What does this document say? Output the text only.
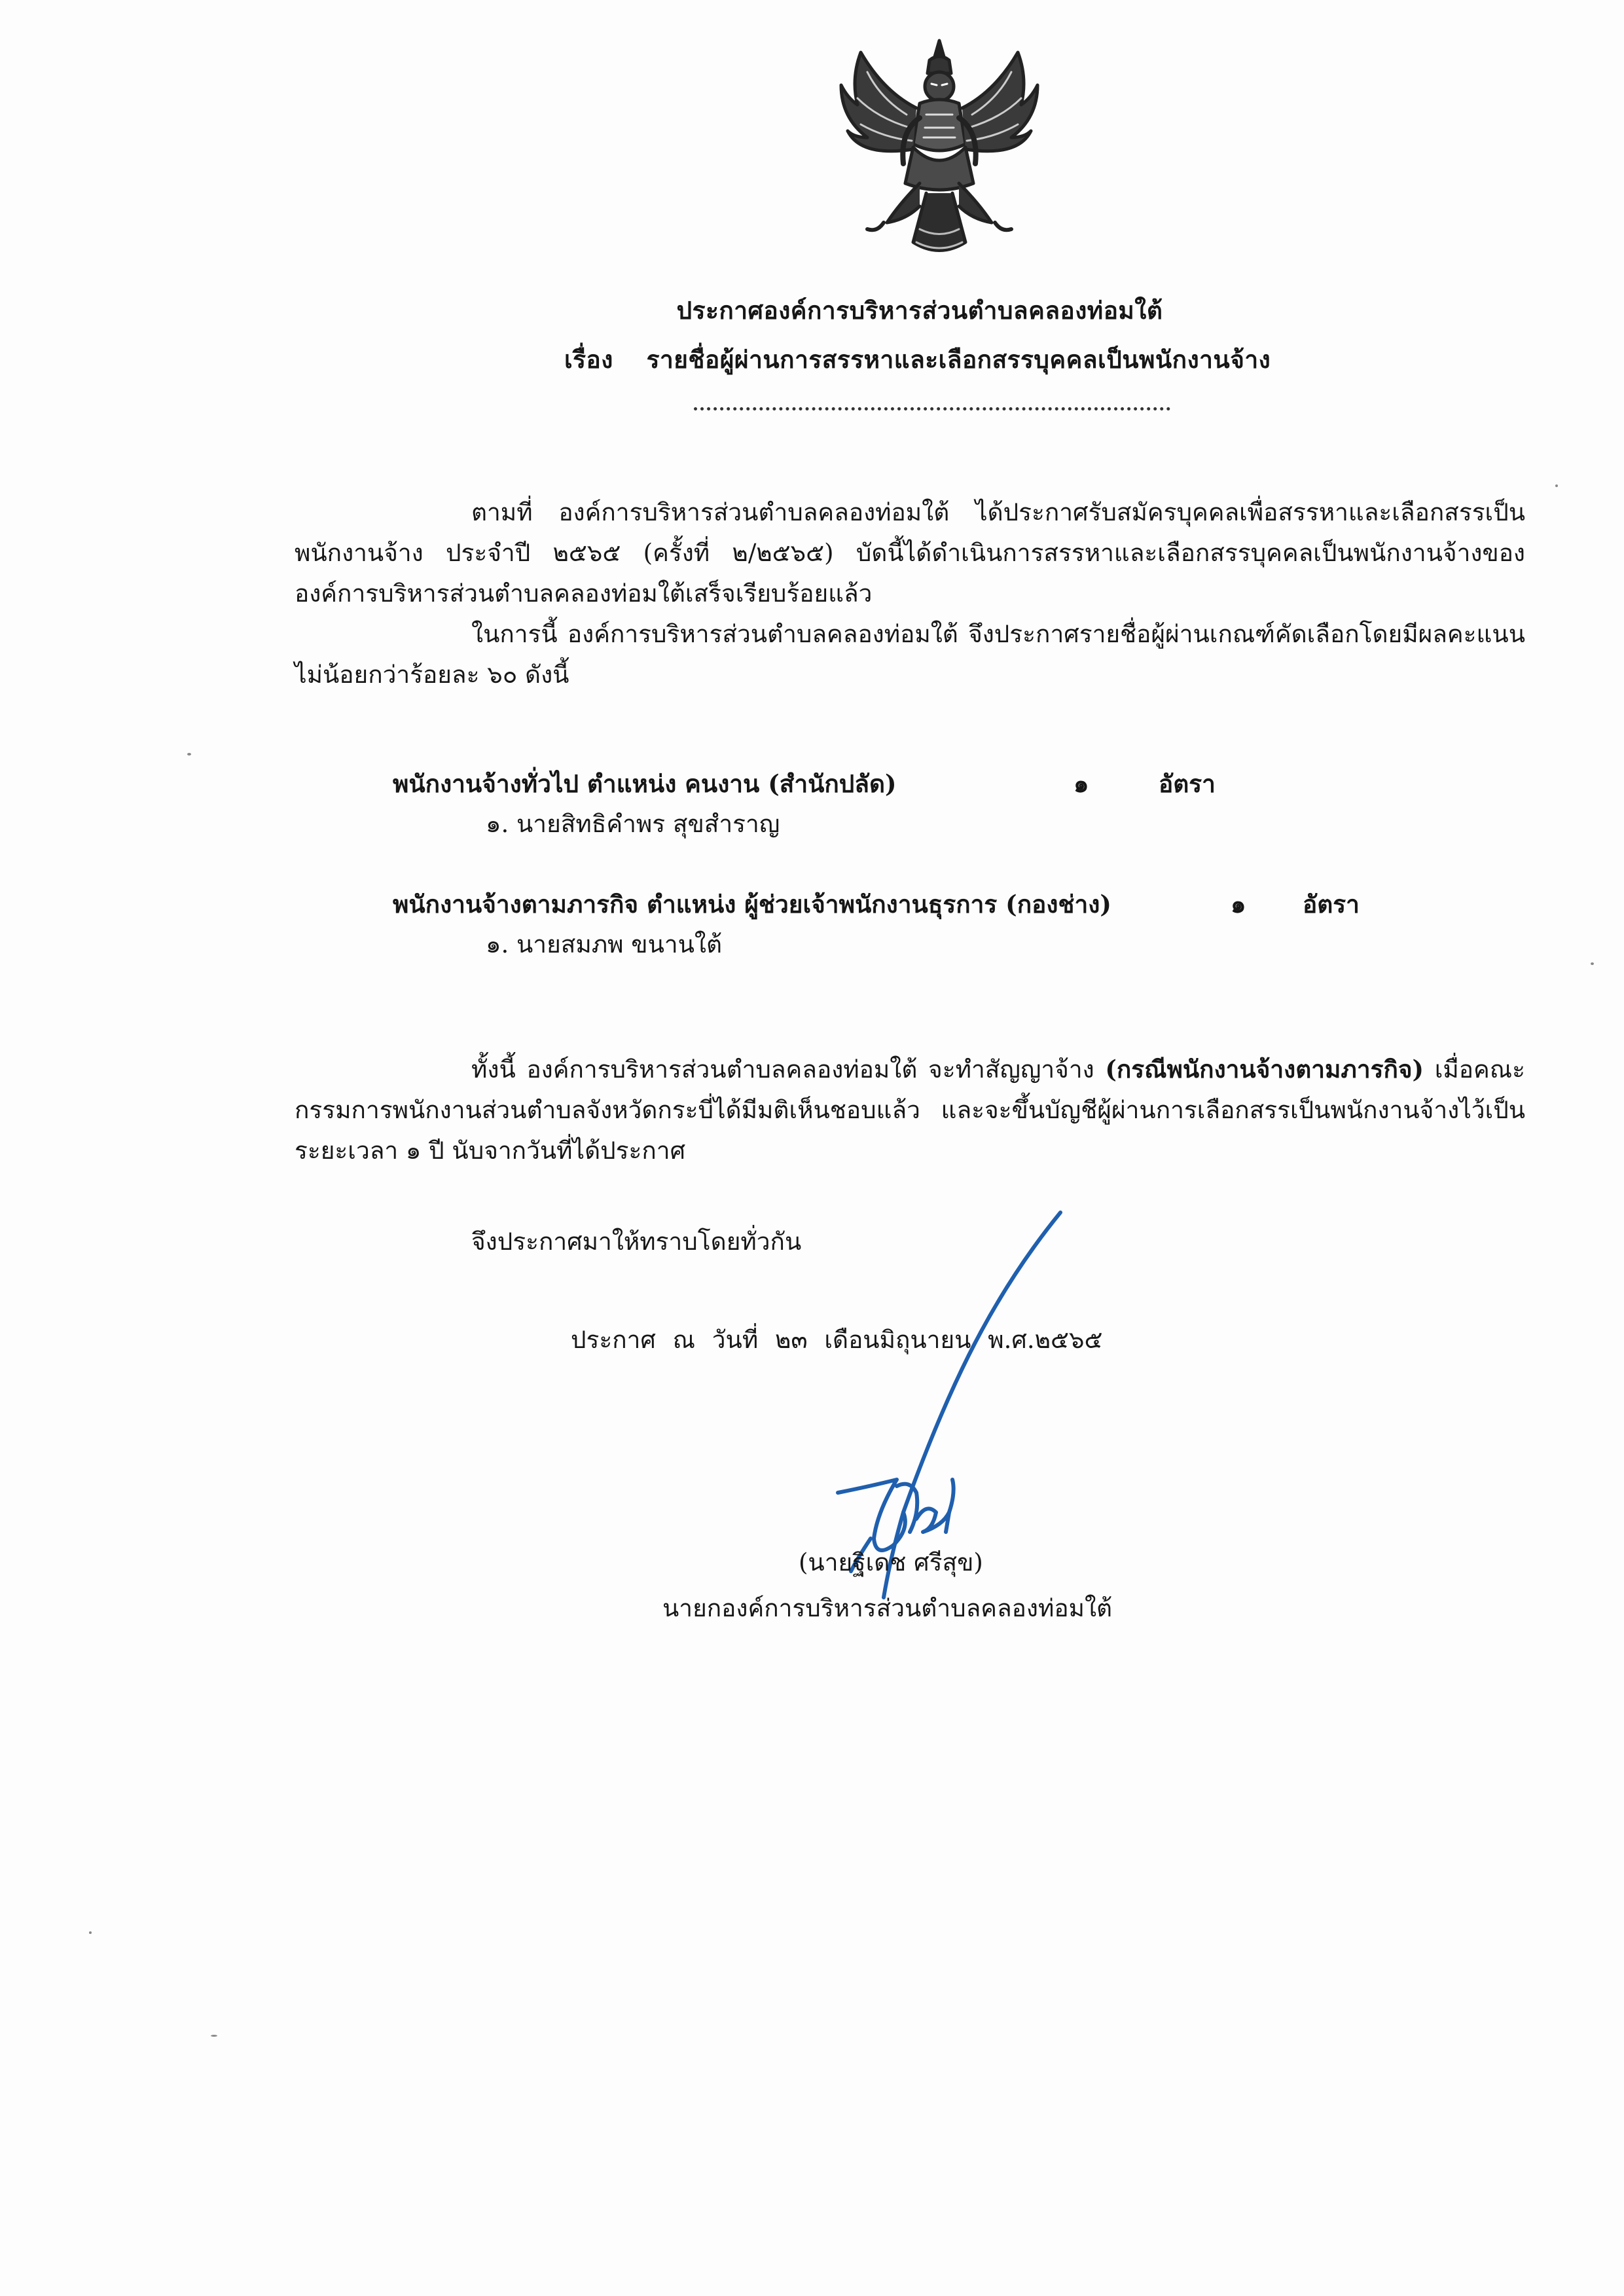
ประกาศองค์การบริหารส่วนตำบลคลองท่อมใต้
เรื่อง รายชื่อผู้ผ่านการสรรหาและเลือกสรรบุคคลเป็นพนักงานจ้าง
ตามที่ องค์การบริหารส่วนตำบลคลองท่อมใต้ ได้ประกาศรับสมัครบุคคลเพื่อสรรหาและเลือกสรรเป็นพนักงานจ้าง ประจำปี ๒๕๖๕ (ครั้งที่ ๒/๒๕๖๕) บัดนี้ได้ดำเนินการสรรหาและเลือกสรรบุคคลเป็นพนักงานจ้างขององค์การบริหารส่วนตำบลคลองท่อมใต้เสร็จเรียบร้อยแล้ว
ในการนี้ องค์การบริหารส่วนตำบลคลองท่อมใต้ จึงประกาศรายชื่อผู้ผ่านเกณฑ์คัดเลือกโดยมีผลคะแนนไม่น้อยกว่าร้อยละ ๖๐ ดังนี้
พนักงานจ้างทั่วไป ตำแหน่ง คนงาน (สำนักปลัด)	๑	อัตรา
๑. นายสิทธิคำพร สุขสำราญ
พนักงานจ้างตามภารกิจ ตำแหน่ง ผู้ช่วยเจ้าพนักงานธุรการ (กองช่าง)	๑ อัตรา
๑. นายสมภพ ขนานใต้
ทั้งนี้ องค์การบริหารส่วนตำบลคลองท่อมใต้ จะทำสัญญาจ้าง (กรณีพนักงานจ้างตามภารกิจ) เมื่อคณะกรรมการพนักงานส่วนตำบลจังหวัดกระบี่ได้มีมติเห็นชอบแล้ว และจะขึ้นบัญชีผู้ผ่านการเลือกสรรเป็นพนักงานจ้างไว้เป็นระยะเวลา ๑ ปี นับจากวันที่ได้ประกาศ
จึงประกาศมาให้ทราบโดยทั่วกัน
ประกาศ ณ วันที่ ๒๓ เดือนมิถุนายน พ.ศ.๒๕๖๕
(นายฐิเดช ศรีสุข)
นายกองค์การบริหารส่วนตำบลคลองท่อมใต้
